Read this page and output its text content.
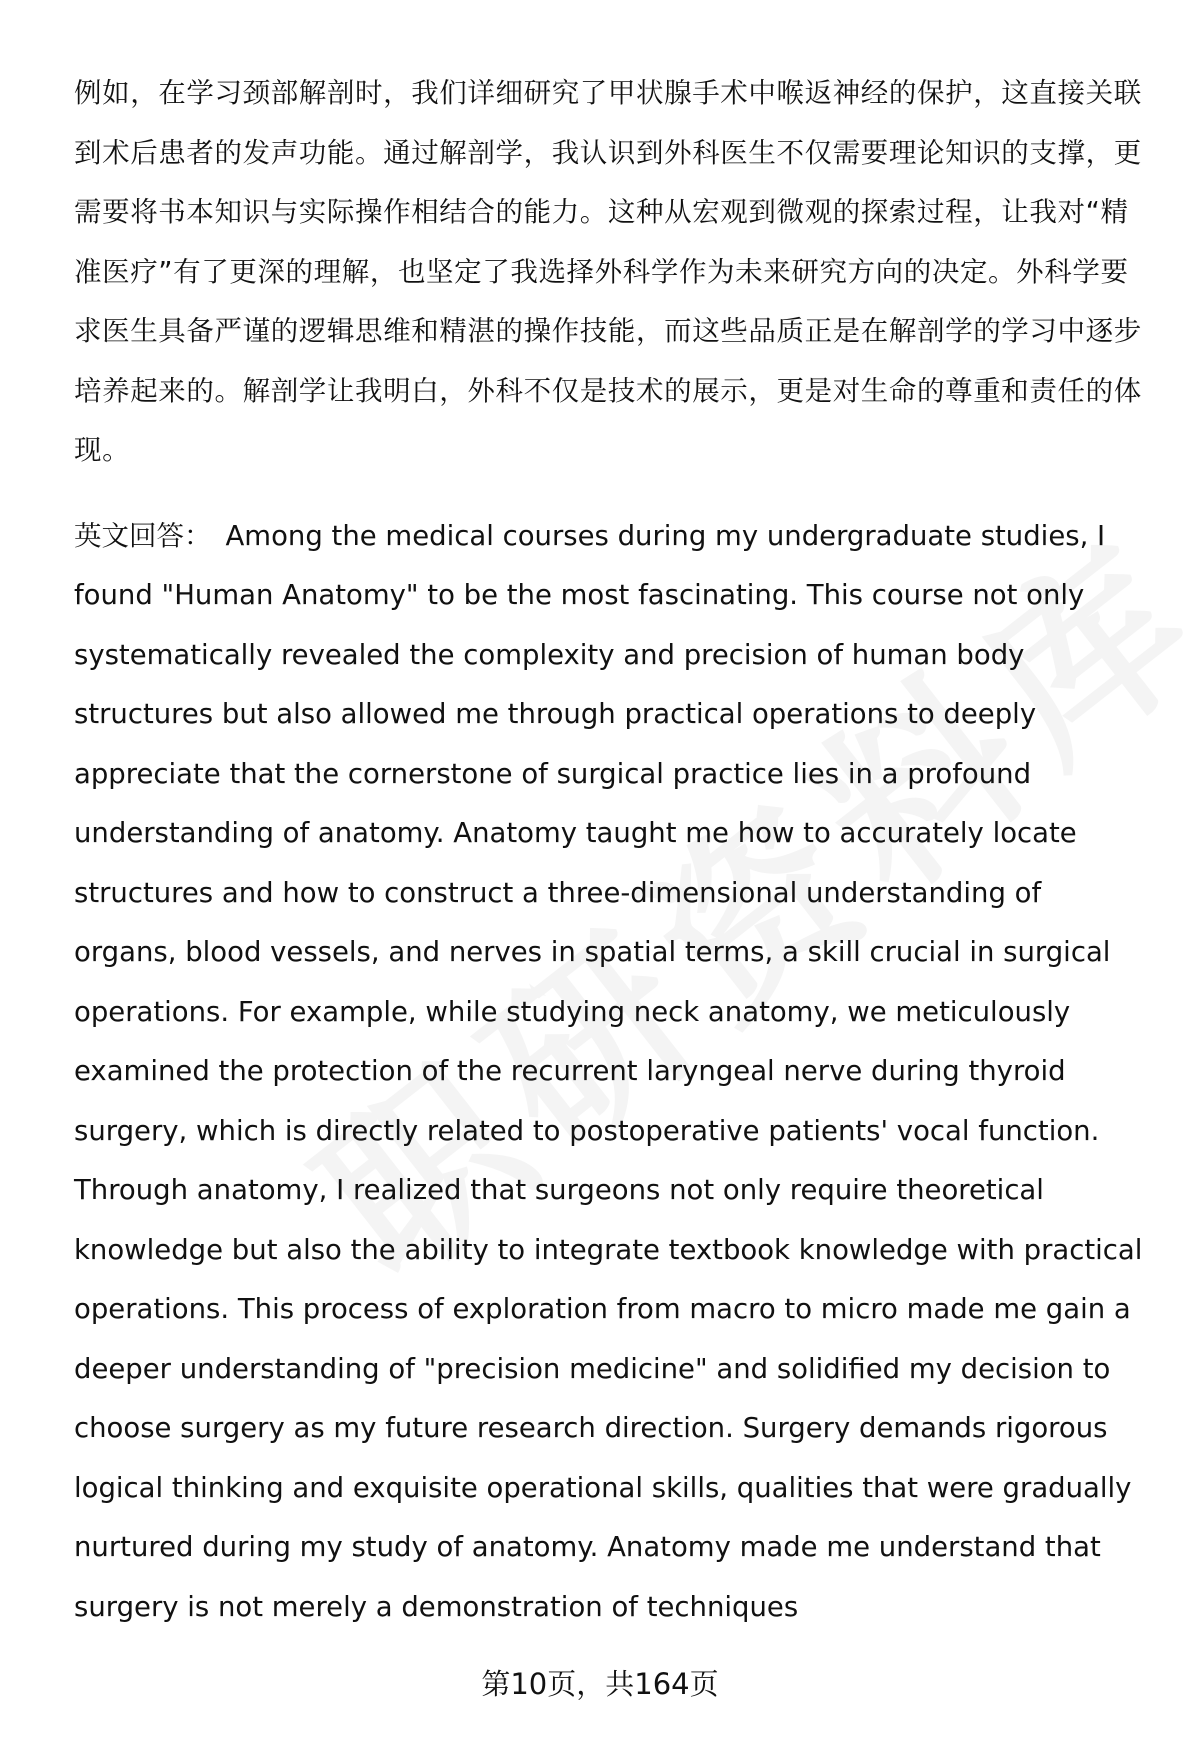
例如，在学习颈部解剖时，我们详细研究了甲状腺手术中喉返神经的保护，这直接关联到术后患者的发声功能。通过解剖学，我认识到外科医生不仅需要理论知识的支撑，更需要将书本知识与实际操作相结合的能力。这种从宏观到微观的探索过程，让我对“精准医疗”有了更深的理解，也坚定了我选择外科学作为未来研究方向的决定。外科学要求医生具备严谨的逻辑思维和精湛的操作技能，而这些品质正是在解剖学的学习中逐步培养起来的。解剖学让我明白，外科不仅是技术的展示，更是对生命的尊重和责任的体现。

英文回答： Among the medical courses during my undergraduate studies, I found "Human Anatomy" to be the most fascinating. This course not only systematically revealed the complexity and precision of human body structures but also allowed me through practical operations to deeply appreciate that the cornerstone of surgical practice lies in a profound understanding of anatomy. Anatomy taught me how to accurately locate structures and how to construct a three-dimensional understanding of organs, blood vessels, and nerves in spatial terms, a skill crucial in surgical operations. For example, while studying neck anatomy, we meticulously examined the protection of the recurrent laryngeal nerve during thyroid surgery, which is directly related to postoperative patients' vocal function. Through anatomy, I realized that surgeons not only require theoretical knowledge but also the ability to integrate textbook knowledge with practical operations. This process of exploration from macro to micro made me gain a deeper understanding of "precision medicine" and solidified my decision to choose surgery as my future research direction. Surgery demands rigorous logical thinking and exquisite operational skills, qualities that were gradually nurtured during my study of anatomy. Anatomy made me understand that surgery is not merely a demonstration of techniques

第10页，共164页
